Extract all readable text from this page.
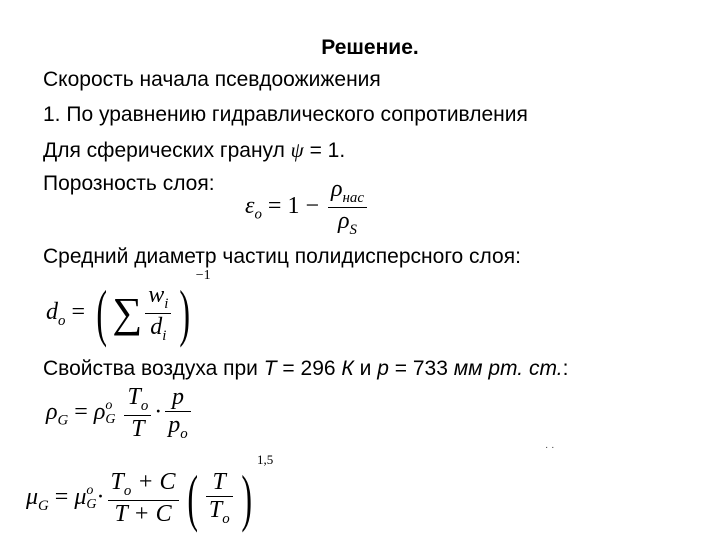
Решение.
Скорость начала псевдоожижения
1. По уравнению гидравлического сопротивления
Для сферических гранул ψ = 1.
Порозность слоя:
$\varepsilon_o = 1 - \frac{\rho_{нас}}{\rho_S}$
Средний диаметр частиц полидисперсного слоя:
$d_o$ = ( ∑ $\frac{w_i}{d_i} )^{-1}$
Свойства воздуха при T = 296 К и р = 733 мм рт. ст.:
$\rho_G = \rho$ o
G
$\frac{T_o}{T} \cdot \frac{p}{p_o}$
· ·
$\mu_G = \mu$ o
$G \cdot \frac{T_o + C}{T + C}$ ( $\frac{T}{T_o} )^{1,5}$
